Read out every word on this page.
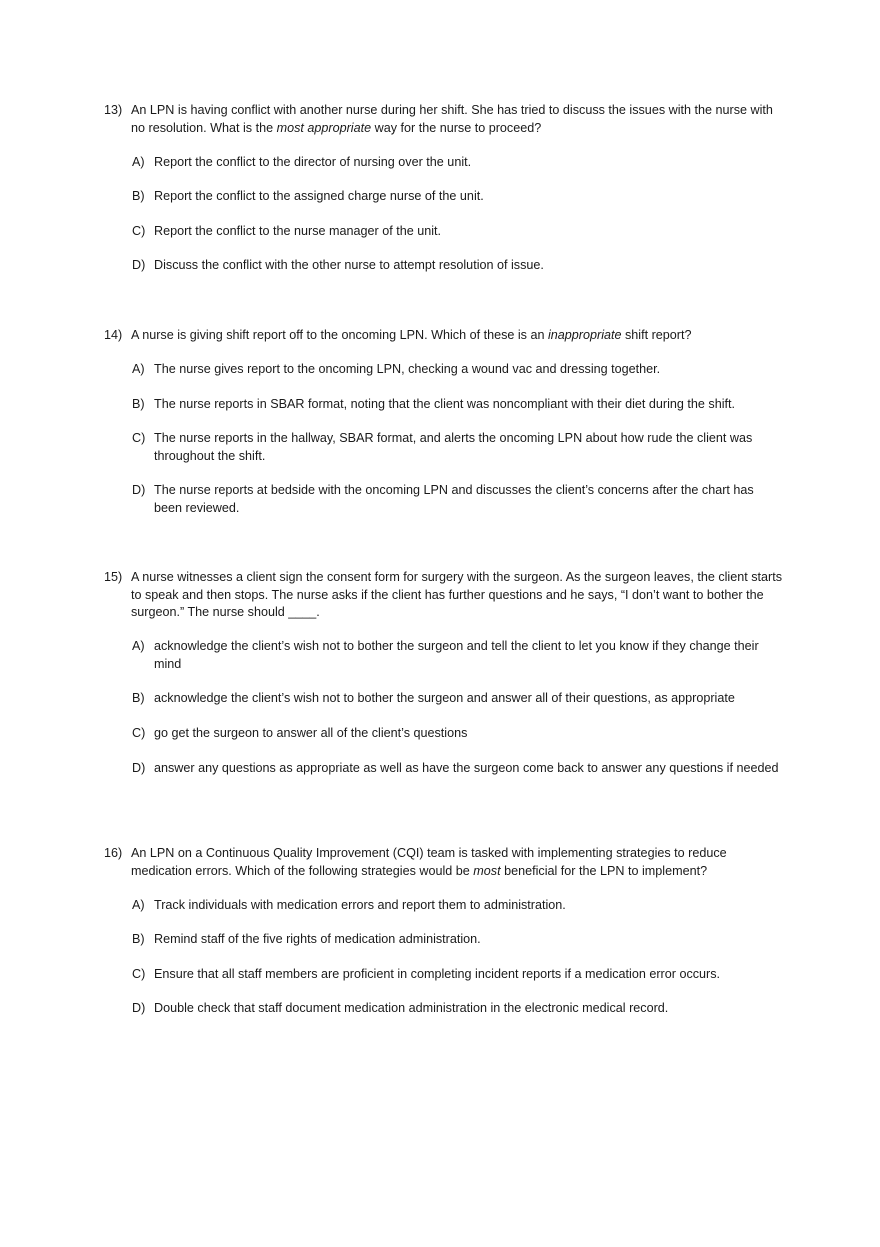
13) An LPN is having conflict with another nurse during her shift. She has tried to discuss the issues with the nurse with no resolution. What is the most appropriate way for the nurse to proceed?
A) Report the conflict to the director of nursing over the unit.
B) Report the conflict to the assigned charge nurse of the unit.
C) Report the conflict to the nurse manager of the unit.
D) Discuss the conflict with the other nurse to attempt resolution of issue.
14) A nurse is giving shift report off to the oncoming LPN. Which of these is an inappropriate shift report?
A) The nurse gives report to the oncoming LPN, checking a wound vac and dressing together.
B) The nurse reports in SBAR format, noting that the client was noncompliant with their diet during the shift.
C) The nurse reports in the hallway, SBAR format, and alerts the oncoming LPN about how rude the client was throughout the shift.
D) The nurse reports at bedside with the oncoming LPN and discusses the client’s concerns after the chart has been reviewed.
15) A nurse witnesses a client sign the consent form for surgery with the surgeon. As the surgeon leaves, the client starts to speak and then stops. The nurse asks if the client has further questions and he says, “I don’t want to bother the surgeon.” The nurse should ____.
A) acknowledge the client’s wish not to bother the surgeon and tell the client to let you know if they change their mind
B) acknowledge the client’s wish not to bother the surgeon and answer all of their questions, as appropriate
C) go get the surgeon to answer all of the client’s questions
D) answer any questions as appropriate as well as have the surgeon come back to answer any questions if needed
16) An LPN on a Continuous Quality Improvement (CQI) team is tasked with implementing strategies to reduce medication errors. Which of the following strategies would be most beneficial for the LPN to implement?
A) Track individuals with medication errors and report them to administration.
B) Remind staff of the five rights of medication administration.
C) Ensure that all staff members are proficient in completing incident reports if a medication error occurs.
D) Double check that staff document medication administration in the electronic medical record.
